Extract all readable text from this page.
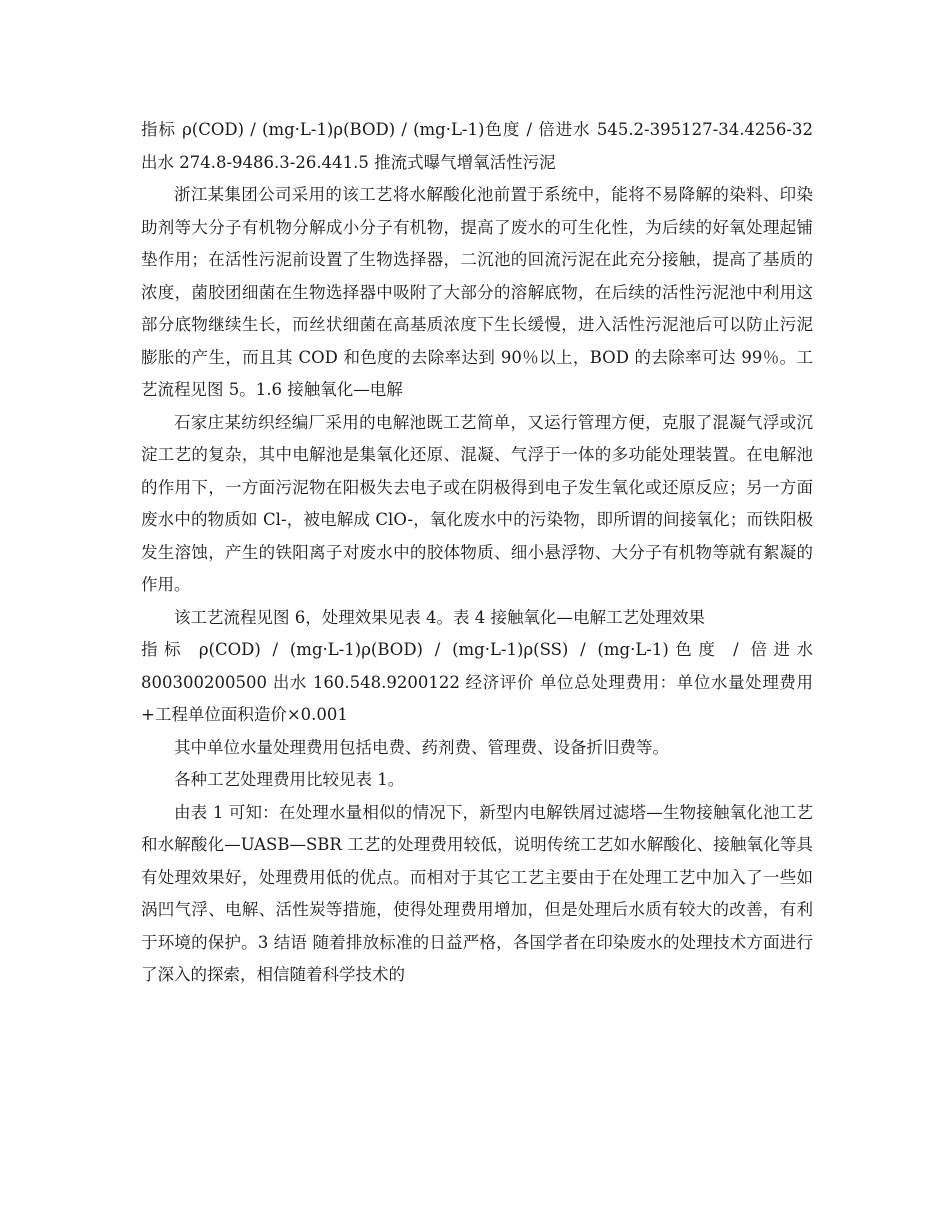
指标 ρ(COD) / (mg·L-1)ρ(BOD) / (mg·L-1)色度 / 倍进水 545.2-395127-34.4256-32 出水 274.8-9486.3-26.441.5 推流式曝气增氧活性污泥

浙江某集团公司采用的该工艺将水解酸化池前置于系统中，能将不易降解的染料、印染助剂等大分子有机物分解成小分子有机物，提高了废水的可生化性，为后续的好氧处理起铺垫作用；在活性污泥前设置了生物选择器，二沉池的回流污泥在此充分接触，提高了基质的浓度，菌胶团细菌在生物选择器中吸附了大部分的溶解底物，在后续的活性污泥池中利用这部分底物继续生长，而丝状细菌在高基质浓度下生长缓慢，进入活性污泥池后可以防止污泥膨胀的产生，而且其 COD 和色度的去除率达到 90％以上，BOD 的去除率可达 99％。工艺流程见图 5。1.6 接触氧化—电解

石家庄某纺织经编厂采用的电解池既工艺简单，又运行管理方便，克服了混凝气浮或沉淀工艺的复杂，其中电解池是集氧化还原、混凝、气浮于一体的多功能处理装置。在电解池的作用下，一方面污泥物在阳极失去电子或在阴极得到电子发生氧化或还原反应；另一方面废水中的物质如 Cl-，被电解成 ClO-，氧化废水中的污染物，即所谓的间接氧化；而铁阳极发生溶蚀，产生的铁阳离子对废水中的胶体物质、细小悬浮物、大分子有机物等就有絮凝的作用。

该工艺流程见图 6，处理效果见表 4。表 4 接触氧化—电解工艺处理效果

指标 ρ(COD) / (mg·L-1)ρ(BOD) / (mg·L-1)ρ(SS) / (mg·L-1)色度 / 倍进水 800300200500 出水 160.548.9200122 经济评价 单位总处理费用：单位水量处理费用+工程单位面积造价×0.001

其中单位水量处理费用包括电费、药剂费、管理费、设备折旧费等。

各种工艺处理费用比较见表 1。

由表 1 可知：在处理水量相似的情况下，新型内电解铁屑过滤塔—生物接触氧化池工艺和水解酸化—UASB—SBR 工艺的处理费用较低，说明传统工艺如水解酸化、接触氧化等具有处理效果好，处理费用低的优点。而相对于其它工艺主要由于在处理工艺中加入了一些如涡凹气浮、电解、活性炭等措施，使得处理费用增加，但是处理后水质有较大的改善，有利于环境的保护。3 结语 随着排放标准的日益严格，各国学者在印染废水的处理技术方面进行了深入的探索，相信随着科学技术的
